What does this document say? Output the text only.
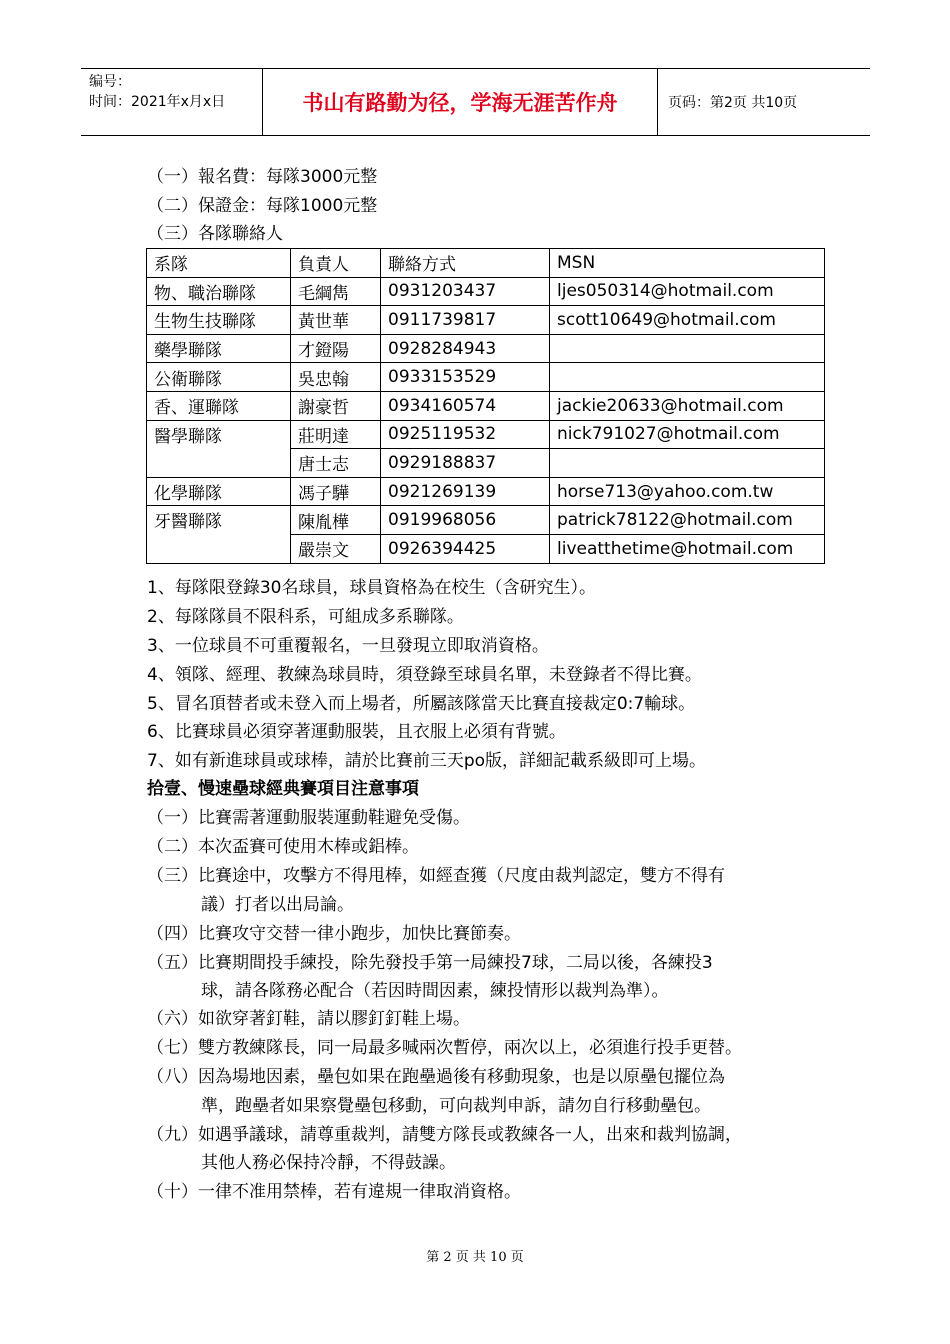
编号：
时间：2021年x月x日	书山有路勤为径，学海无涯苦作舟	页码：第2页 共10页
（一）報名費：每隊3000元整
（二）保證金：每隊1000元整
（三）各隊聯絡人
系隊	負責人	聯絡方式	MSN
物、職治聯隊	毛綱雋	0931203437	ljes050314@hotmail.com
生物生技聯隊	黃世華	0911739817	scott10649@hotmail.com
藥學聯隊	才鐙陽	0928284943	
公衛聯隊	吳忠翰	0933153529	
香、運聯隊	謝豪哲	0934160574	jackie20633@hotmail.com
醫學聯隊	莊明達	0925119532	nick791027@hotmail.com
	唐士志	0929188837	
化學聯隊	馮子驊	0921269139	horse713@yahoo.com.tw
牙醫聯隊	陳胤樺	0919968056	patrick78122@hotmail.com
	嚴崇文	0926394425	liveatthetime@hotmail.com
1、每隊限登錄30名球員，球員資格為在校生（含研究生）。
2、每隊隊員不限科系，可組成多系聯隊。
3、一位球員不可重覆報名，一旦發現立即取消資格。
4、領隊、經理、教練為球員時，須登錄至球員名單，未登錄者不得比賽。
5、冒名頂替者或未登入而上場者，所屬該隊當天比賽直接裁定0:7輸球。
6、比賽球員必須穿著運動服裝，且衣服上必須有背號。
7、如有新進球員或球棒，請於比賽前三天po版，詳細記載系級即可上場。
拾壹、慢速壘球經典賽項目注意事項
（一）比賽需著運動服裝運動鞋避免受傷。
（二）本次盃賽可使用木棒或鋁棒。
（三）比賽途中，攻擊方不得甩棒，如經查獲（尺度由裁判認定，雙方不得有
議）打者以出局論。
（四）比賽攻守交替一律小跑步，加快比賽節奏。
（五）比賽期間投手練投，除先發投手第一局練投7球，二局以後，各練投3
球，請各隊務必配合（若因時間因素，練投情形以裁判為準）。
（六）如欲穿著釘鞋，請以膠釘釘鞋上場。
（七）雙方教練隊長，同一局最多喊兩次暫停，兩次以上，必須進行投手更替。
（八）因為場地因素，壘包如果在跑壘過後有移動現象，也是以原壘包擺位為
準，跑壘者如果察覺壘包移動，可向裁判申訴，請勿自行移動壘包。
（九）如遇爭議球，請尊重裁判，請雙方隊長或教練各一人，出來和裁判協調，
其他人務必保持冷靜，不得鼓譟。
（十）一律不准用禁棒，若有違規一律取消資格。
第 2 页 共 10 页
